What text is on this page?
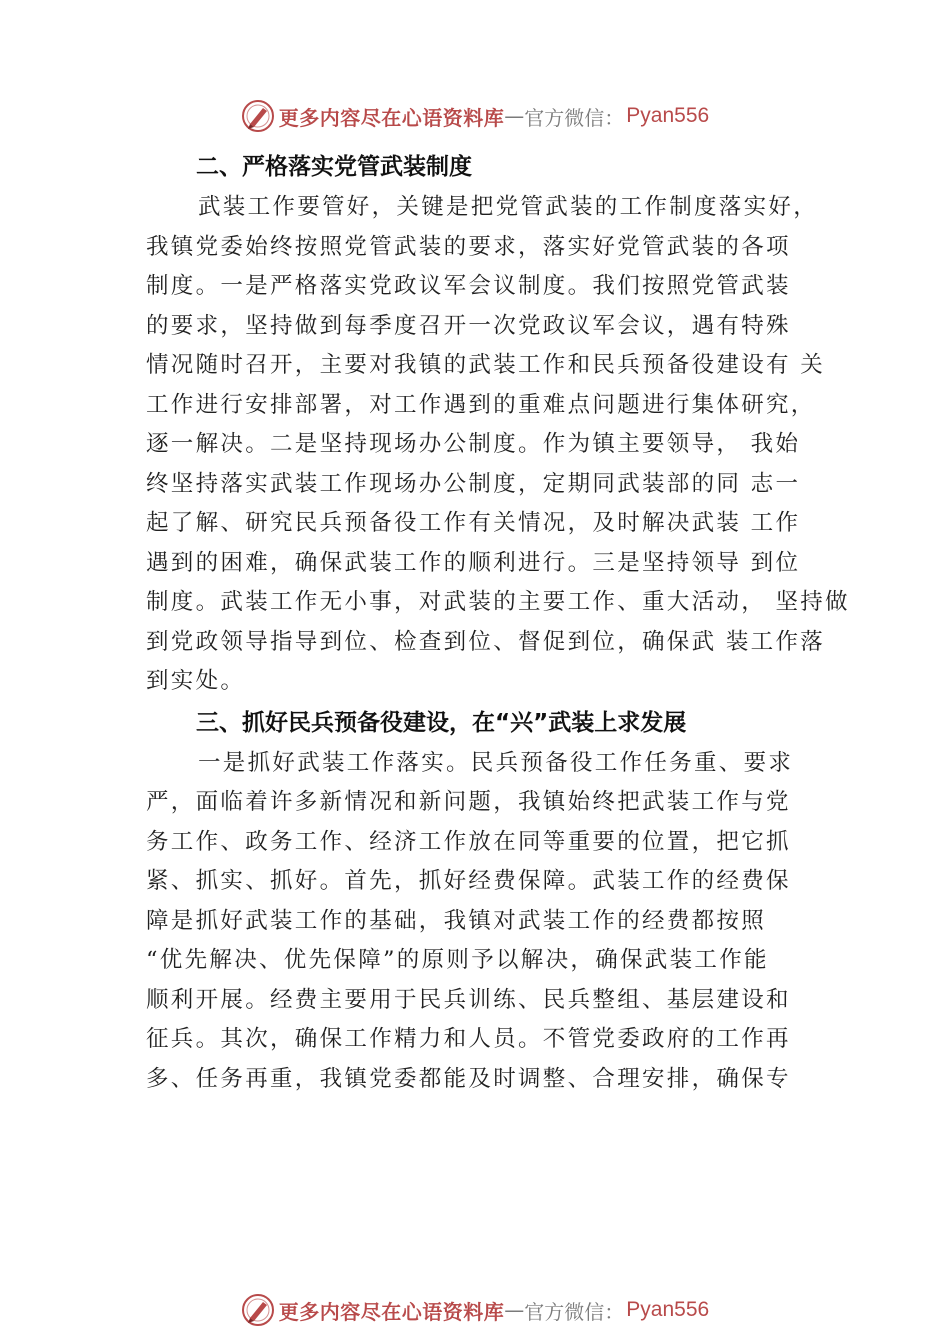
更多内容尽在心语资料库 — 官方微信： Pyan556
二、严格落实党管武装制度
武装工作要管好，关键是把党管武装的工作制度落实好，
我镇党委始终按照党管武装的要求，落实好党管武装的各项
制度。一是严格落实党政议军会议制度。我们按照党管武装
的要求，坚持做到每季度召开一次党政议军会议，遇有特殊
情况随时召开，主要对我镇的武装工作和民兵预备役建设有 关
工作进行安排部署，对工作遇到的重难点问题进行集体研究，
逐一解决。二是坚持现场办公制度。作为镇主要领导， 我始
终坚持落实武装工作现场办公制度，定期同武装部的同 志一
起了解、研究民兵预备役工作有关情况，及时解决武装 工作
遇到的困难，确保武装工作的顺利进行。三是坚持领导 到位
制度。武装工作无小事，对武装的主要工作、重大活动， 坚持做
到党政领导指导到位、检查到位、督促到位，确保武 装工作落
到实处。
三、抓好民兵预备役建设，在“兴”武装上求发展
一是抓好武装工作落实。民兵预备役工作任务重、要求
严，面临着许多新情况和新问题，我镇始终把武装工作与党
务工作、政务工作、经济工作放在同等重要的位置，把它抓
紧、抓实、抓好。首先，抓好经费保障。武装工作的经费保
障是抓好武装工作的基础，我镇对武装工作的经费都按照
“优先解决、优先保障”的原则予以解决，确保武装工作能
顺利开展。经费主要用于民兵训练、民兵整组、基层建设和
征兵。其次，确保工作精力和人员。不管党委政府的工作再
多、任务再重，我镇党委都能及时调整、合理安排，确保专
更多内容尽在心语资料库 — 官方微信： Pyan556
